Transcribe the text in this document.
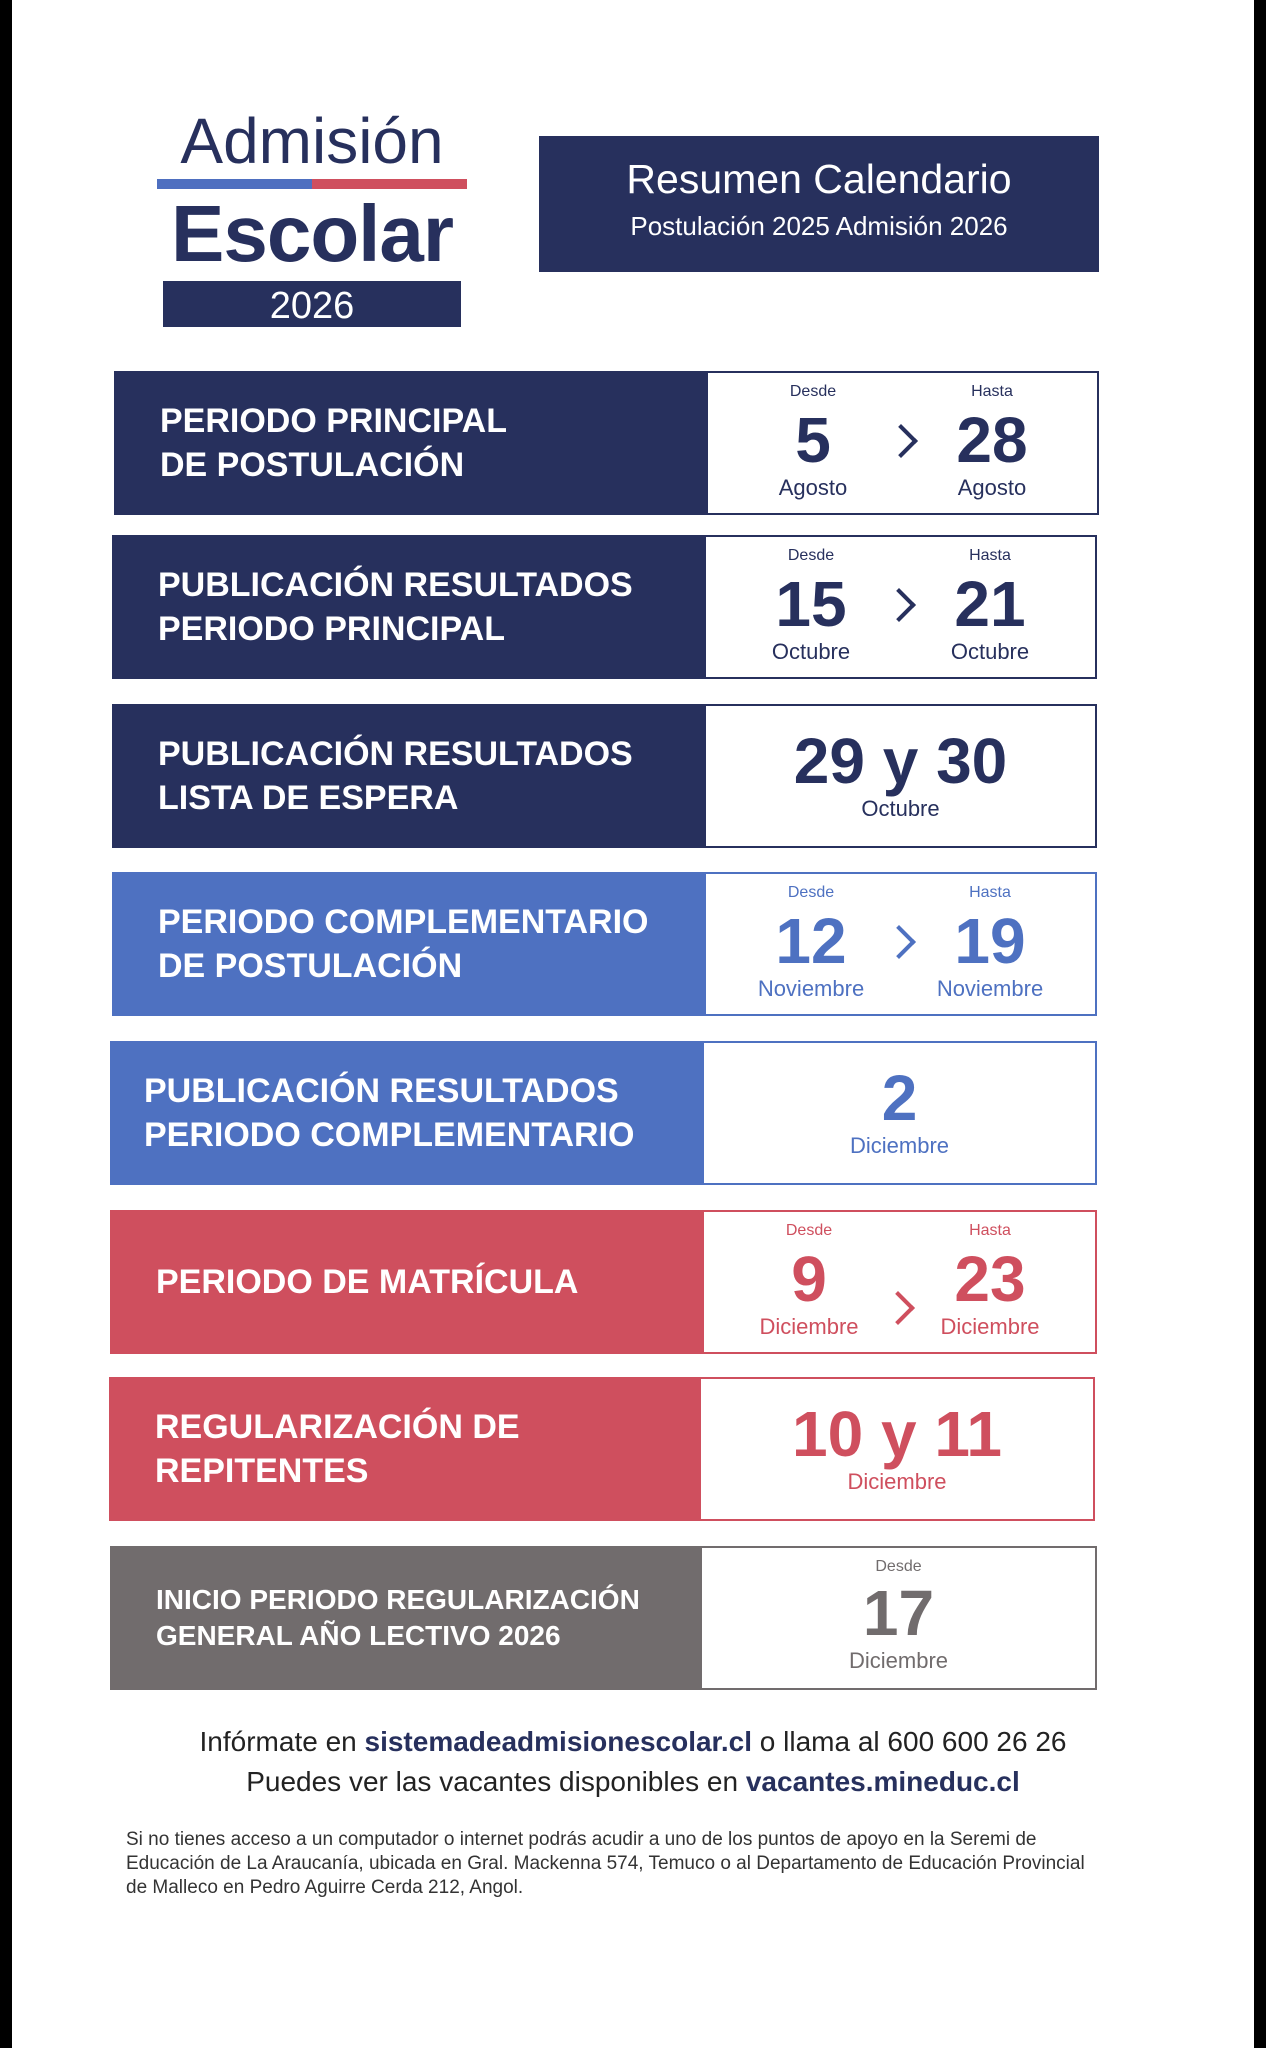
Admisión
Escolar
2026
Resumen Calendario
Postulación 2025 Admisión 2026
PERIODO PRINCIPAL
DE POSTULACIÓN
Desde
5
Agosto
Hasta
28
Agosto
PUBLICACIÓN RESULTADOS
PERIODO PRINCIPAL
Desde
15
Octubre
Hasta
21
Octubre
PUBLICACIÓN RESULTADOS
LISTA DE ESPERA
29 y 30
Octubre
PERIODO COMPLEMENTARIO
DE POSTULACIÓN
Desde
12
Noviembre
Hasta
19
Noviembre
PUBLICACIÓN RESULTADOS
PERIODO COMPLEMENTARIO
2
Diciembre
PERIODO DE MATRÍCULA
Desde
9
Diciembre
Hasta
23
Diciembre
REGULARIZACIÓN DE
REPITENTES
10 y 11
Diciembre
INICIO PERIODO REGULARIZACIÓN
GENERAL AÑO LECTIVO 2026
Desde
17
Diciembre
Infórmate en sistemadeadmisionescolar.cl o llama al 600 600 26 26
Puedes ver las vacantes disponibles en vacantes.mineduc.cl
Si no tienes acceso a un computador o internet podrás acudir a uno de los puntos de apoyo en la Seremi de Educación de La Araucanía, ubicada en Gral. Mackenna 574, Temuco o al Departamento de Educación Provincial de Malleco en Pedro Aguirre Cerda 212, Angol.
